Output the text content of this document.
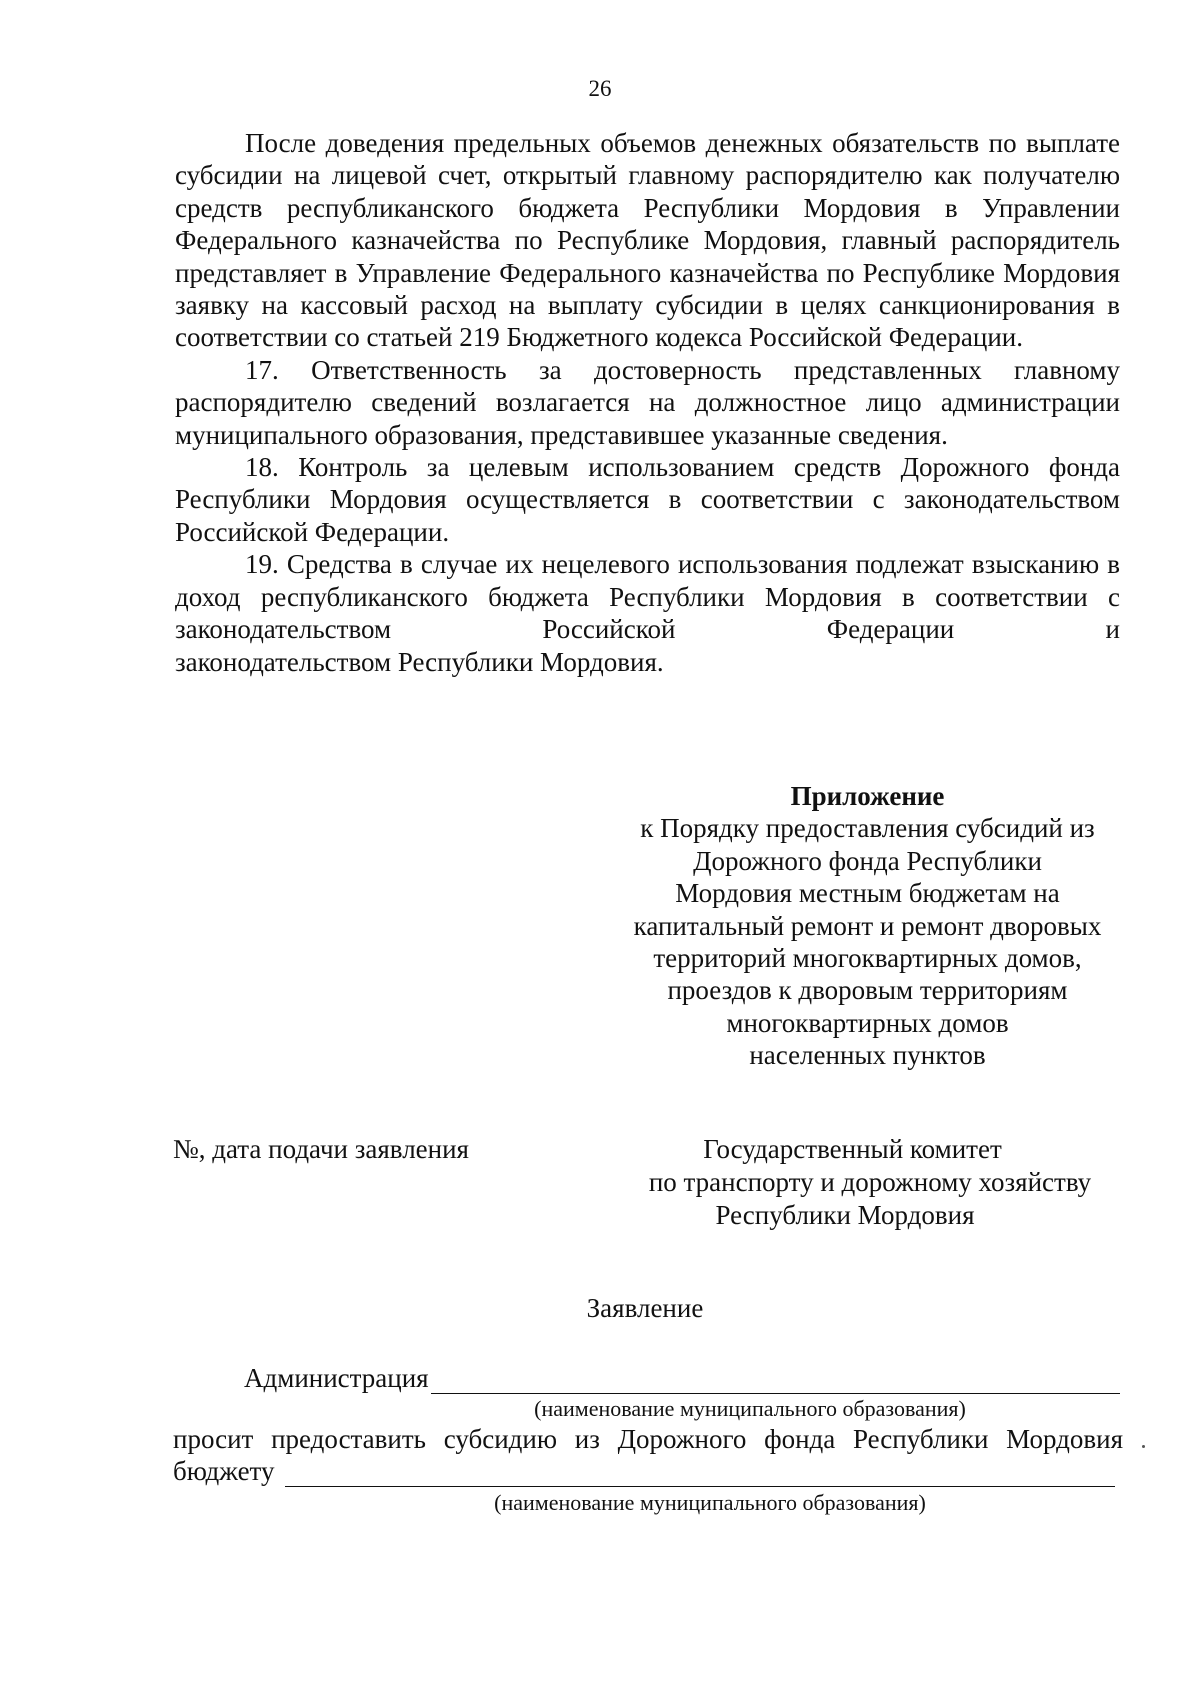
26

После доведения предельных объемов денежных обязательств по выплате субсидии на лицевой счет, открытый главному распорядителю как получателю средств республиканского бюджета Республики Мордовия в Управлении Федерального казначейства по Республике Мордовия, главный распорядитель представляет в Управление Федерального казначейства по Республике Мордовия заявку на кассовый расход на выплату субсидии в целях санкционирования в соответствии со статьей 219 Бюджетного кодекса Российской Федерации.

17. Ответственность за достоверность представленных главному распорядителю сведений возлагается на должностное лицо администрации муниципального образования, представившее указанные сведения.

18. Контроль за целевым использованием средств Дорожного фонда Республики Мордовия осуществляется в соответствии с законодательством Российской Федерации.

19. Средства в случае их нецелевого использования подлежат взысканию в доход республиканского бюджета Республики Мордовия в соответствии с законодательством Российской Федерации и

законодательством Республики Мордовия.

Приложение

к Порядку предоставления субсидий из

Дорожного фонда Республики

Мордовия местным бюджетам на

капитальный ремонт и ремонт дворовых

территорий многоквартирных домов,

проездов к дворовым территориям

многоквартирных домов

населенных пунктов

№, дата подачи заявления	Государственный комитет
по транспорту и дорожному хозяйству
Республики Мордовия
Заявление
Администрация
(наименование муниципального образования)
просит предоставить субсидию из Дорожного фонда Республики Мордовия
бюджету
(наименование муниципального образования)
